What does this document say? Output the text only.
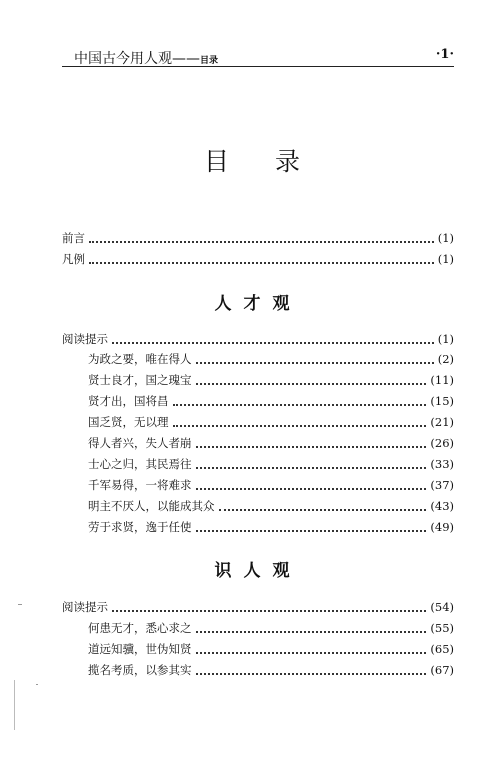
中国古今用人观——目录	·1·
目录
前言	(1)
凡例	(1)
人才观
阅读提示	(1)
为政之要，唯在得人	(2)
贤士良才，国之瑰宝	(11)
贤才出，国将昌	(15)
国乏贤，无以理	(21)
得人者兴，失人者崩	(26)
士心之归，其民焉往	(33)
千军易得，一将难求	(37)
明主不厌人，以能成其众	(43)
劳于求贤，逸于任使	(49)
识人观
阅读提示	(54)
何患无才，悉心求之	(55)
道远知骥，世伪知贤	(65)
揽名考质，以参其实	(67)
